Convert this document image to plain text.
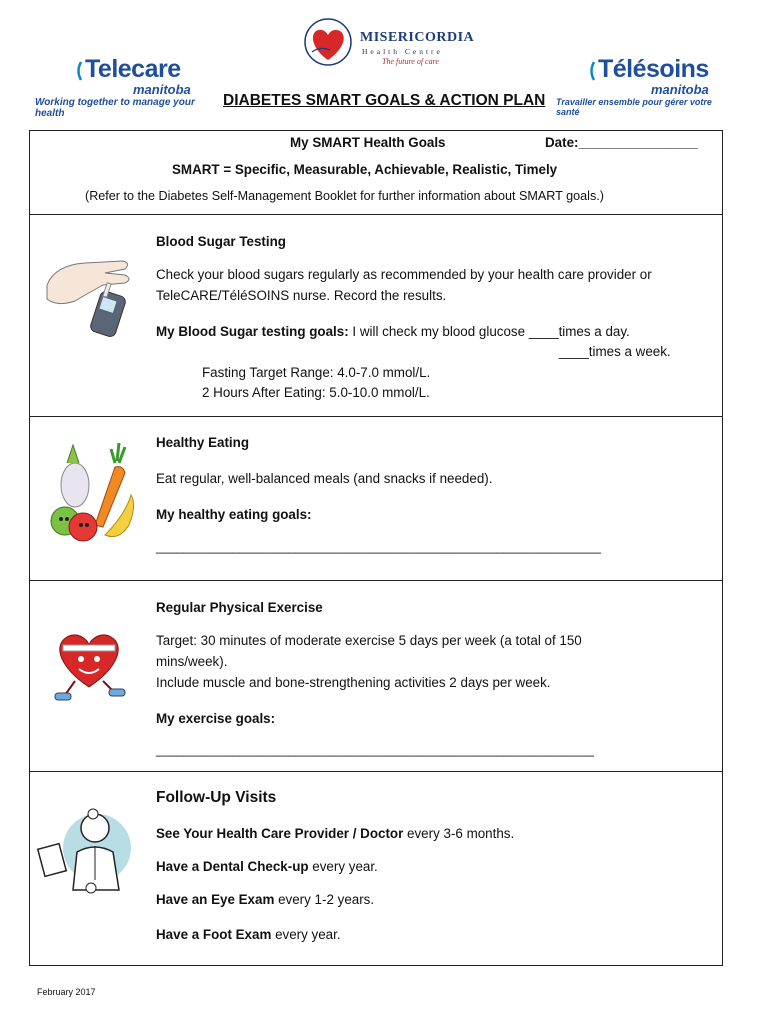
Telecare
manitoba
Working together to manage your health
Télésoins
manitoba
Travailler ensemble pour gérer votre santé
MISERICORDIA
Health Centre
The future of care
DIABETES SMART GOALS & ACTION PLAN
My SMART Health Goals	Date:________________
SMART = Specific, Measurable, Achievable, Realistic, Timely
(Refer to the Diabetes Self-Management Booklet for further information about SMART goals.)
Blood Sugar Testing
Check your blood sugars regularly as recommended by your health care provider or
TeleCARE/TéléSOINS nurse. Record the results.
My Blood Sugar testing goals: I will check my blood glucose ____times a day.
____times a week.
Fasting Target Range: 4.0-7.0 mmol/L.
2 Hours After Eating: 5.0-10.0 mmol/L.
Healthy Eating
Eat regular, well-balanced meals (and snacks if needed).
My healthy eating goals:
________________________________________________________________
Regular Physical Exercise
Target: 30 minutes of moderate exercise 5 days per week (a total of 150
mins/week).
Include muscle and bone-strengthening activities 2 days per week.
My exercise goals:
_______________________________________________________________
Follow-Up Visits
See Your Health Care Provider / Doctor every 3-6 months.
Have a Dental Check-up every year.
Have an Eye Exam every 1-2 years.
Have a Foot Exam every year.
February 2017
